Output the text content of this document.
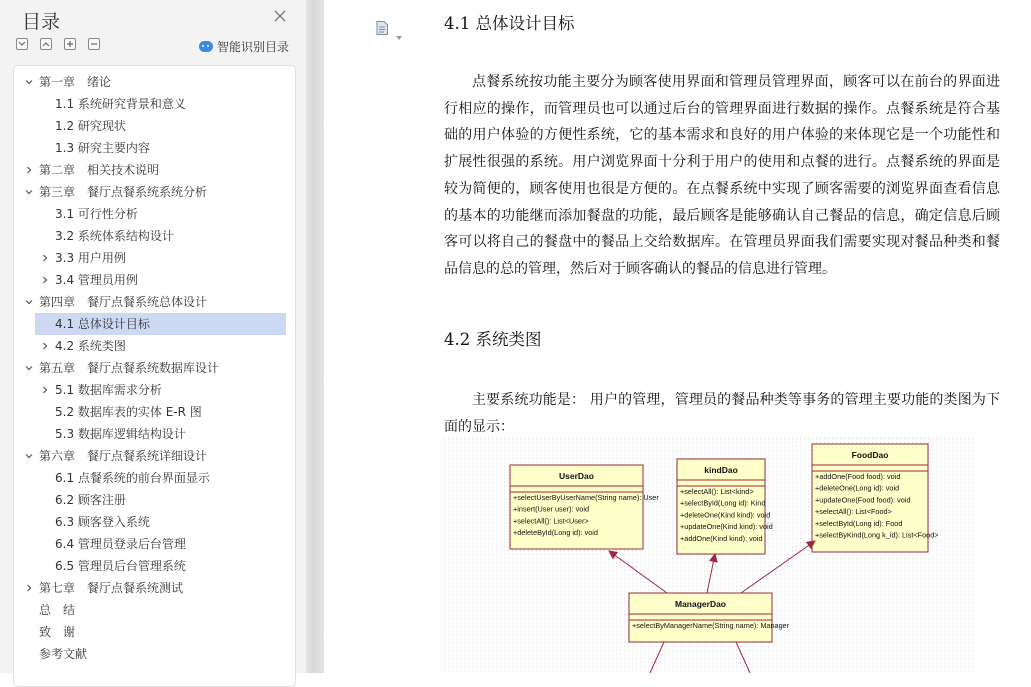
目录
智能识别目录
第一章　绪论
1.1 系统研究背景和意义
1.2 研究现状
1.3 研究主要内容
第二章　相关技术说明
第三章　餐厅点餐系统系统分析
3.1 可行性分析
3.2 系统体系结构设计
3.3 用户用例
3.4 管理员用例
第四章　餐厅点餐系统总体设计
4.1 总体设计目标
4.2 系统类图
第五章　餐厅点餐系统数据库设计
5.1 数据库需求分析
5.2 数据库表的实体 E-R 图
5.3 数据库逻辑结构设计
第六章　餐厅点餐系统详细设计
6.1 点餐系统的前台界面显示
6.2 顾客注册
6.3 顾客登入系统
6.4 管理员登录后台管理
6.5 管理员后台管理系统
第七章　餐厅点餐系统测试
总　结
致　谢
参考文献
4.1 总体设计目标
点餐系统按功能主要分为顾客使用界面和管理员管理界面，顾客可以在前台的界面进行相应的操作，而管理员也可以通过后台的管理界面进行数据的操作。点餐系统是符合基础的用户体验的方便性系统，它的基本需求和良好的用户体验的来体现它是一个功能性和扩展性很强的系统。用户浏览界面十分利于用户的使用和点餐的进行。点餐系统的界面是较为简便的，顾客使用也很是方便的。在点餐系统中实现了顾客需要的浏览界面查看信息的基本的功能继而添加餐盘的功能，最后顾客是能够确认自己餐品的信息，确定信息后顾客可以将自己的餐盘中的餐品上交给数据库。在管理员界面我们需要实现对餐品种类和餐品信息的总的管理，然后对于顾客确认的餐品的信息进行管理。
4.2 系统类图
主要系统功能是： 用户的管理，管理员的餐品种类等事务的管理主要功能的类图为下面的显示：
UserDao
+selectUserByUserName(String name): User
+insert(User user): void
+selectAll(): List<User>
+deleteById(Long id): void
kindDao
+selectAll(): List<kind>
+selectById(Long id): Kind
+deleteOne(Kind kind): void
+updateOne(Kind kind): void
+addOne(Kind kind): void
FoodDao
+addOne(Food food): void
+deleteOne(Long id): void
+updateOne(Food food): void
+selectAll(): List<Food>
+selectById(Long id): Food
+selectByKind(Long k_id): List<Food>
ManagerDao
+selectByManagerName(String name): Manager
